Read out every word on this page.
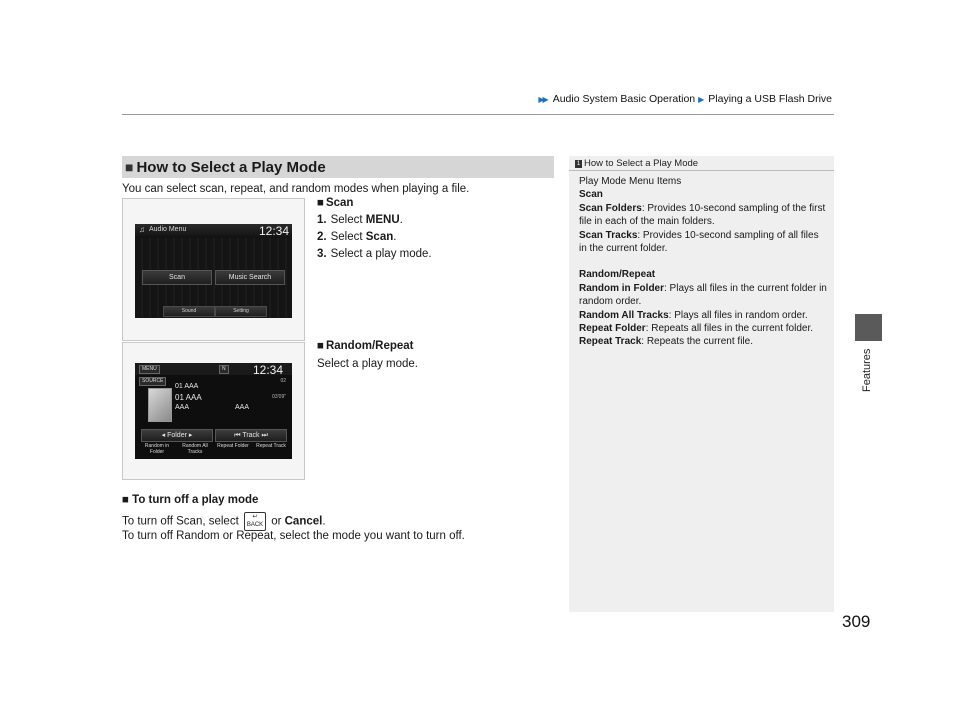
▶▶ Audio System Basic Operation ▶ Playing a USB Flash Drive
Features
■ How to Select a Play Mode
You can select scan, repeat, and random modes when playing a file.
♫ Audio Menu	12:34
Scan	Music Search
Sound	Setting
■ Scan
1. Select MENU.
2. Select Scan.
3. Select a play mode.
■ Random/Repeat
Select a play mode.
MENU	N 12:34
SOURCE
01 AAA
01 AAA
AAA	AAA
02
03'09"
◂ Folder ▸	⏮ Track ⏭
Random in Folder
Random All Tracks
Repeat Folder	Repeat Track
■ To turn off a play mode
To turn off Scan, select ↩
BACK or Cancel.
To turn off Random or Repeat, select the mode you want to turn off.
1 How to Select a Play Mode
Play Mode Menu Items
Scan
Scan Folders: Provides 10-second sampling of the first file in each of the main folders.
Scan Tracks: Provides 10-second sampling of all files in the current folder.
Random/Repeat
Random in Folder: Plays all files in the current folder in random order.
Random All Tracks: Plays all files in random order.
Repeat Folder: Repeats all files in the current folder.
Repeat Track: Repeats the current file.
309
